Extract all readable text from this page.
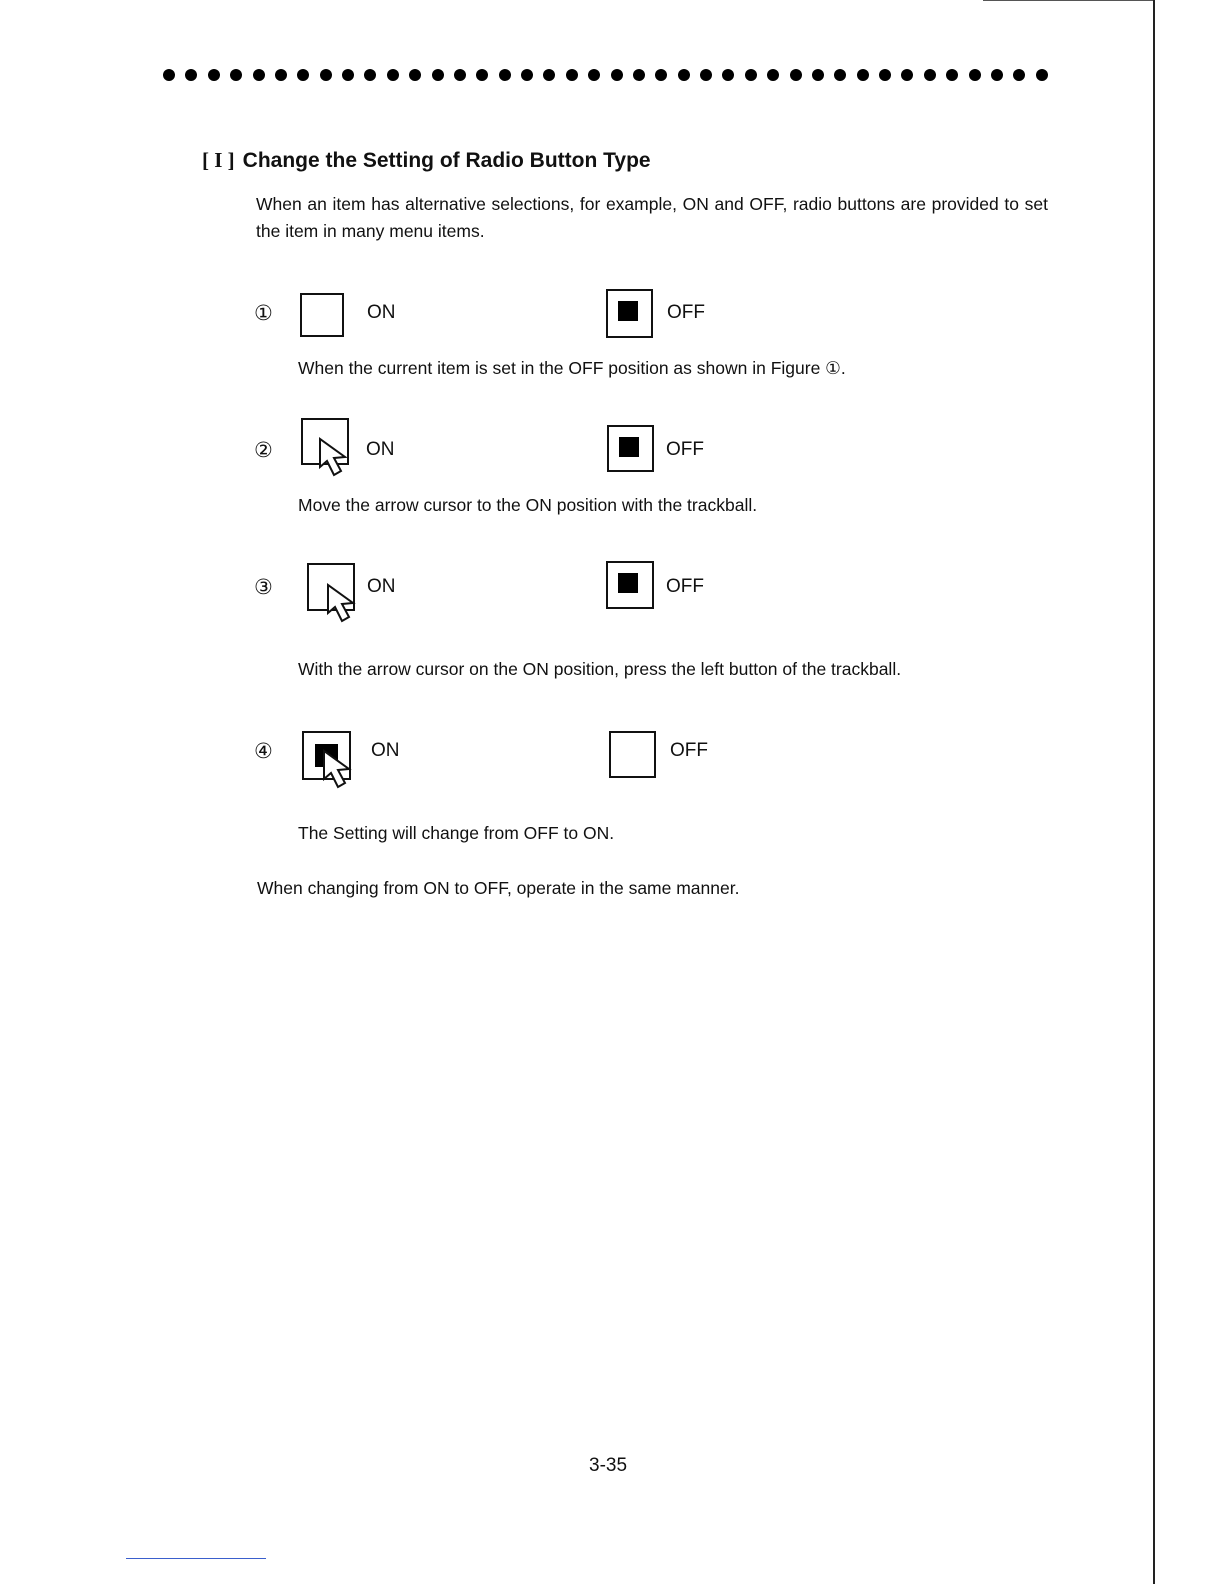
[ I ] Change the Setting of Radio Button Type
When an item has alternative selections, for example, ON and OFF, radio buttons are provided to set the item in many menu items.
①	ON	OFF
When the current item is set in the OFF position as shown in Figure ①.
②	ON	OFF
Move the arrow cursor to the ON position with the trackball.
③	ON	OFF
With the arrow cursor on the ON position, press the left button of the trackball.
④	ON	OFF
The Setting will change from OFF to ON.
When changing from ON to OFF, operate in the same manner.
3-35
